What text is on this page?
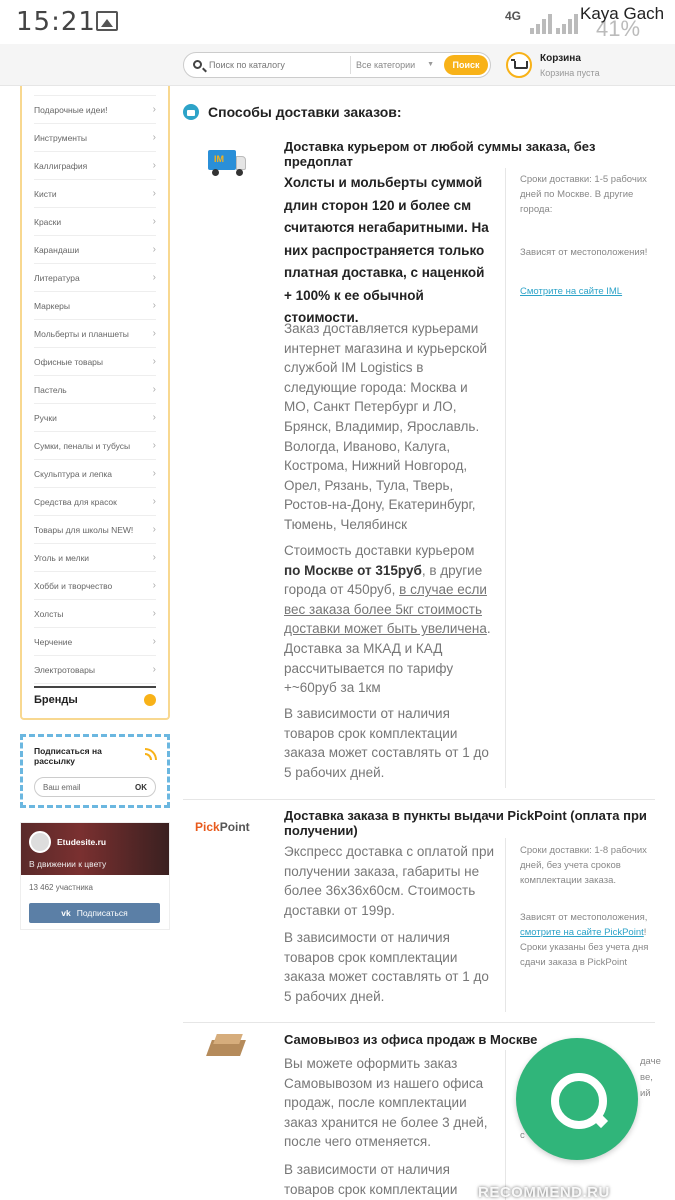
15:21	4G	41%
Kaya Gach
Поиск по каталогу	Все категории ▼	Поиск
Корзина
Корзина пуста
Подарочные идеи!	›
Инструменты	›
Каллиграфия	›
Кисти	›
Краски	›
Карандаши	›
Литература	›
Маркеры	›
Мольберты и планшеты ›
Офисные товары	›
Пастель	›
Ручки	›
Сумки, пеналы и тубусы ›
Скульптура и лепка	›
Средства для красок	›
Товары для школы NEW! ›
Уголь и мелки	›
Хобби и творчество	›
Холсты	›
Черчение	›
Электротовары	›
Бренды
Подписаться на рассылку
Ваш email	OK
Etudesite.ru
В движении к цвету
13 462 участника
vk Подписаться
Способы доставки заказов:
IM
Доставка курьером от любой суммы заказа, без предоплат
Холсты и мольберты суммой длин сторон 120 и более см считаются негабаритными. На них распространяется только платная доставка, с наценкой + 100% к ее обычной стоимости.
Заказ доставляется курьерами интернет магазина и курьерской службой IM Logistics в следующие города: Москва и МО, Санкт Петербург и ЛО, Брянск, Владимир, Ярославль. Вологда, Иваново, Калуга, Кострома, Нижний Новгород, Орел, Рязань, Тула, Тверь, Ростов-на-Дону, Екатеринбург, Тюмень, Челябинск
Стоимость доставки курьером по Москве от 315руб, в другие города от 450руб, в случае если вес заказа более 5кг стоимость доставки может быть увеличена. Доставка за МКАД и КАД рассчитывается по тарифу +~60руб за 1км
В зависимости от наличия товаров срок комплектации заказа может составлять от 1 до 5 рабочих дней.
Сроки доставки: 1-5 рабочих дней по Москве. В другие города:
Зависят от местоположения!
Смотрите на сайте IML
PickPoint
Доставка заказа в пункты выдачи PickPoint (оплата при получении)
Экспресс доставка с оплатой при получении заказа, габариты не более 36х36х60см. Стоимость доставки от 199р.
В зависимости от наличия товаров срок комплектации заказа может составлять от 1 до 5 рабочих дней.
Сроки доставки: 1-8 рабочих дней, без учета сроков комплектации заказа.
Зависят от местоположения, смотрите на сайте PickPoint! Сроки указаны без учета дня сдачи заказа в PickPoint
Самовывоз из офиса продаж в Москве
Вы можете оформить заказ Самовывозом из нашего офиса продаж, после комплектации заказ хранится не более 3 дней, после чего отменяется.
В зависимости от наличия товаров срок комплектации
даче
ве,
ий
с
RECOMMEND.RU
